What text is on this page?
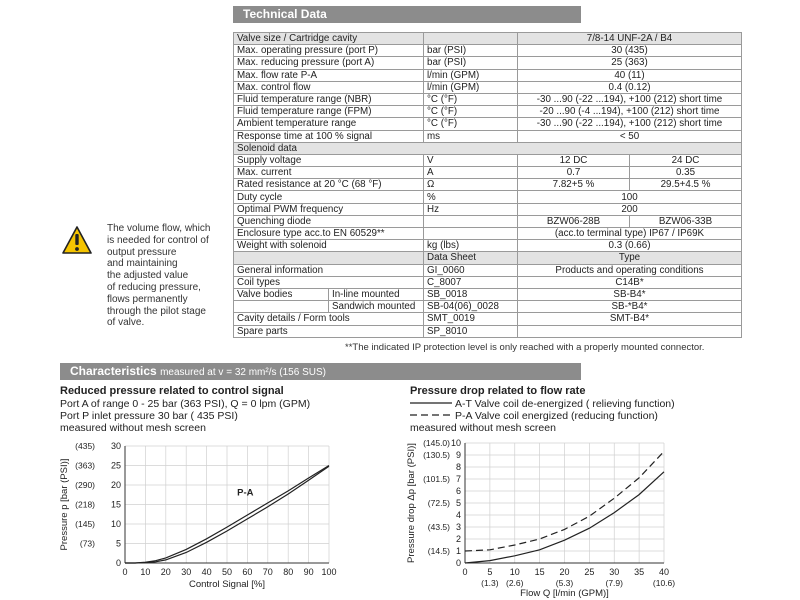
Technical Data
Valve size / Cartridge cavity			7/8-14 UNF-2A / B4	
Max. operating pressure (port P)		bar (PSI)	30 (435)	
Max. reducing pressure (port A)		bar (PSI)	25 (363)	
Max. flow rate P-A		l/min (GPM)	40 (11)	
Max. control flow		l/min (GPM)	0.4 (0.12)	
Fluid temperature range (NBR)		°C (°F)	-30 ...90 (-22 ...194), +100 (212) short time	
Fluid temperature range (FPM)		°C (°F)	-20 ...90 (-4 ...194), +100 (212) short time	
Ambient temperature range		°C (°F)	-30 ...90 (-22 ...194), +100 (212) short time	
Response time at 100 % signal		ms	< 50	
Solenoid data				
Supply voltage		V	12 DC	24 DC
Max. current		A	0.7	0.35
Rated resistance at 20 °C (68 °F)		Ω	7.82+5 %	29.5+4.5 %
Duty cycle		%	100	
Optimal PWM frequency		Hz	200	
Quenching diode			BZW06-28B	BZW06-33B
Enclosure type acc.to EN 60529**			(acc.to terminal type) IP67 / IP69K	
Weight with solenoid		kg (lbs)	0.3 (0.66)	
		Data Sheet	Type	
General information		GI_0060	Products and operating conditions	
Coil types		C_8007	C14B*	
Valve bodies	In-line mounted	SB_0018	SB-B4*	
	Sandwich mounted	SB-04(06)_0028	SB-*B4*	
Cavity details / Form tools		SMT_0019	SMT-B4*	
Spare parts		SP_8010		
The volume flow, which
is needed for control of
output pressure
and maintaining
the adjusted value
of reducing pressure,
flows permanently
through the pilot stage
of valve.
**The indicated IP protection level is only reached with a properly mounted connector.
Characteristics measured at v = 32 mm²/s (156 SUS)
Reduced pressure related to control signal
Port A of range 0 - 25 bar (363 PSI), Q = 0 lpm (GPM)
Port P inlet pressure 30 bar ( 435 PSI)
measured without mesh screen
Pressure drop related to flow rate
A-T Valve coil de-energized ( relieving function)
P-A Valve coil energized (reducing function)
measured without mesh screen
0 10 20 30 40 50 60 70 80 90 100
0
5
10
15
20
25
30
(73)
(145)
(218)
(290)
(363)
(435)
Control Signal [%]
Pressure p [bar (PSI)]	P-A
0 5 10 15 20 25 30 35 40
(1.3) (2.6)	(5.3)	(7.9)	(10.6)
0
1
2
3
4
5
6
7
8
9
10
(14.5)
(43.5)
(72.5)
(101.5)
(130.5)
(145.0)
Flow Q [l/min (GPM)]
Pressure drop Δp [bar (PSI)]
